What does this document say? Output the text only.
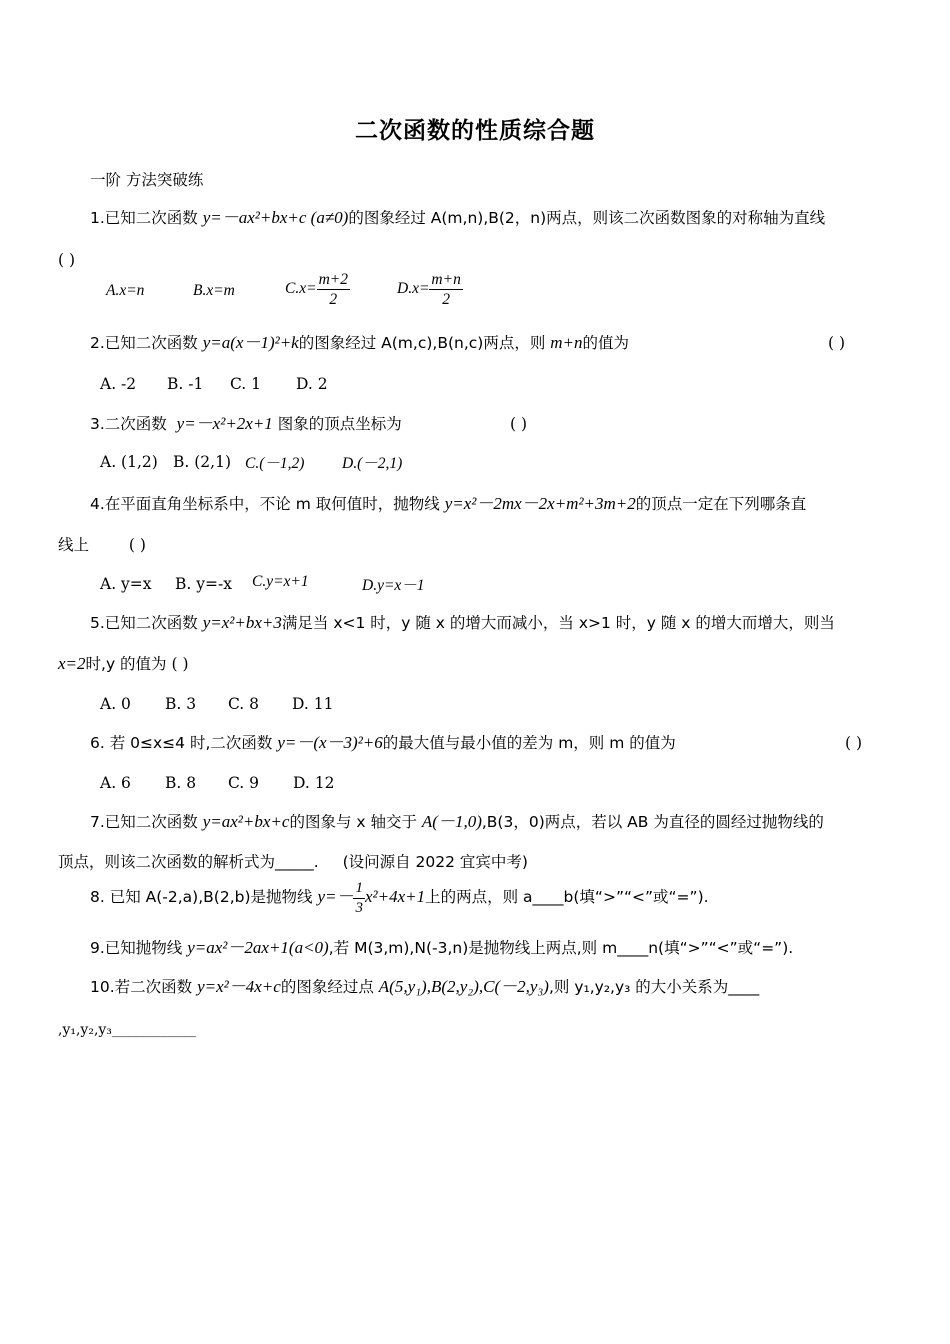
二次函数的性质综合题
一阶 方法突破练
1.已知二次函数 y=－ax²+bx+c (a≠0)的图象经过 A(m,n),B(2，n)两点，则该二次函数图象的对称轴为直线
( )
A.x=n	B.x=m	$C.x= \frac{m+2}{2}$	$D.x= \frac{m+n}{2}$
2.已知二次函数 y=a(x－1)²+k的图象经过 A(m,c),B(n,c)两点，则 m+n的值为	( )
A. -2 B. -1 C. 1 D. 2
3.二次函数 y=－x²+2x+1 图象的顶点坐标为	( )
A. (1,2) B. (2,1) C.(－1,2) D.(－2,1)
4.在平面直角坐标系中，不论 m 取何值时，抛物线 y=x²－2mx－2x+m²+3m+2的顶点一定在下列哪条直
线上	( )
A. y=x B. y=-x C.y=x+1	D.y=x－1
5.已知二次函数 y=x²+bx+3满足当 x<1 时，y 随 x 的增大而减小，当 x>1 时，y 随 x 的增大而增大，则当
x=2时,y 的值为 ( )
A. 0 B. 3 C. 8 D. 11
6. 若 0≤x≤4 时,二次函数 y=－(x－3)²+6的最大值与最小值的差为 m，则 m 的值为	( )
A. 6 B. 8 C. 9 D. 12
7.已知二次函数 y=ax²+bx+c的图象与 x 轴交于 A(－1,0),B(3，0)两点，若以 AB 为直径的圆经过抛物线的
顶点，则该二次函数的解析式为_____. (设问源自 2022 宜宾中考)
8. 已知 A(-2,a),B(2,b)是抛物线 $y=- \frac{1}{3} x^2+4x+1$上的两点，则 a____b(填“>”“<”或“=”).
9.已知抛物线 y=ax²－2ax+1(a<0),若 M(3,m),N(-3,n)是抛物线上两点,则 m____n(填“>”“<”或“=”).
10.若二次函数 y=x²－4x+c的图象经过点 A(5,y₁),B(2,y₂),C(－2,y₃),则 y₁,y₂,y₃ 的大小关系为____
,y₁,y₂,y₃____________
